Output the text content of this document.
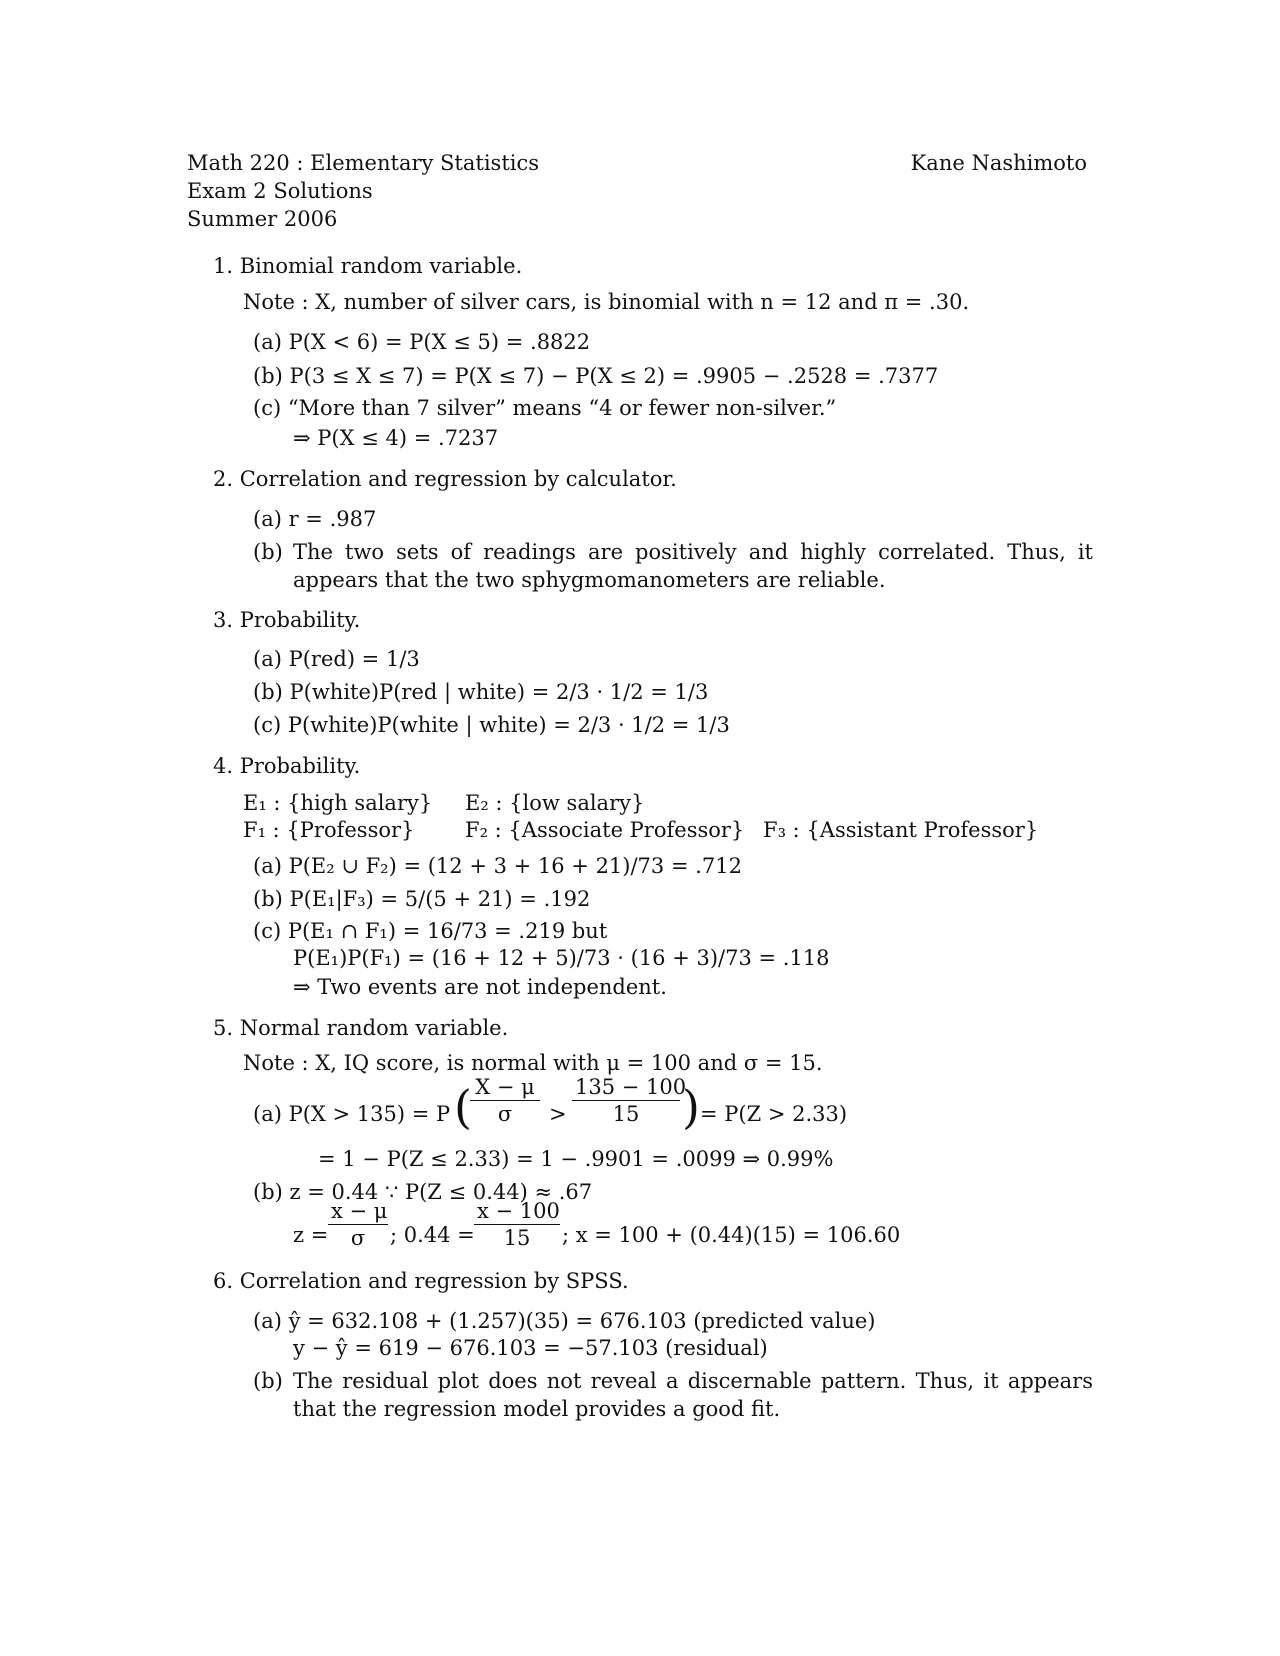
Math 220 : Elementary Statistics
Exam 2 Solutions
Summer 2006
Kane Nashimoto
1. Binomial random variable.
Note : X, number of silver cars, is binomial with n = 12 and π = .30.
(a) P(X < 6) = P(X ≤ 5) = .8822
(b) P(3 ≤ X ≤ 7) = P(X ≤ 7) − P(X ≤ 2) = .9905 − .2528 = .7377
(c) “More than 7 silver” means “4 or fewer non-silver.”
⇒ P(X ≤ 4) = .7237
2. Correlation and regression by calculator.
(a) r = .987
(b) The two sets of readings are positively and highly correlated. Thus, it appears that the two sphygmomanometers are reliable.
3. Probability.
(a) P(red) = 1/3
(b) P(white)P(red | white) = 2/3 · 1/2 = 1/3
(c) P(white)P(white | white) = 2/3 · 1/2 = 1/3
4. Probability.
E₁ : {high salary} E₂ : {low salary}
F₁ : {Professor} F₂ : {Associate Professor} F₃ : {Assistant Professor}
(a) P(E₂ ∪ F₂) = (12 + 3 + 16 + 21)/73 = .712
(b) P(E₁|F₃) = 5/(5 + 21) = .192
(c) P(E₁ ∩ F₁) = 16/73 = .219 but
P(E₁)P(F₁) = (16 + 12 + 5)/73 · (16 + 3)/73 = .118
⇒ Two events are not independent.
5. Normal random variable.
Note : X, IQ score, is normal with μ = 100 and σ = 15.
(a) P(X > 135) = P (
$\frac{X - \mu}{\sigma} > \frac{135 - 100}{15}$ ) = P(Z > 2.33)
= 1 − P(Z ≤ 2.33) = 1 − .9901 = .0099 ⇒ 0.99%
(b) z = 0.44 ∵ P(Z ≤ 0.44) ≈ .67
$z = \frac{x - \mu}{\sigma}$ ; $0.44 = \frac{x - 100}{15}$ ; x = 100 + (0.44)(15) = 106.60
6. Correlation and regression by SPSS.
(a) ŷ = 632.108 + (1.257)(35) = 676.103 (predicted value)
y − ŷ = 619 − 676.103 = −57.103 (residual)
(b) The residual plot does not reveal a discernable pattern. Thus, it appears that the regression model provides a good fit.
